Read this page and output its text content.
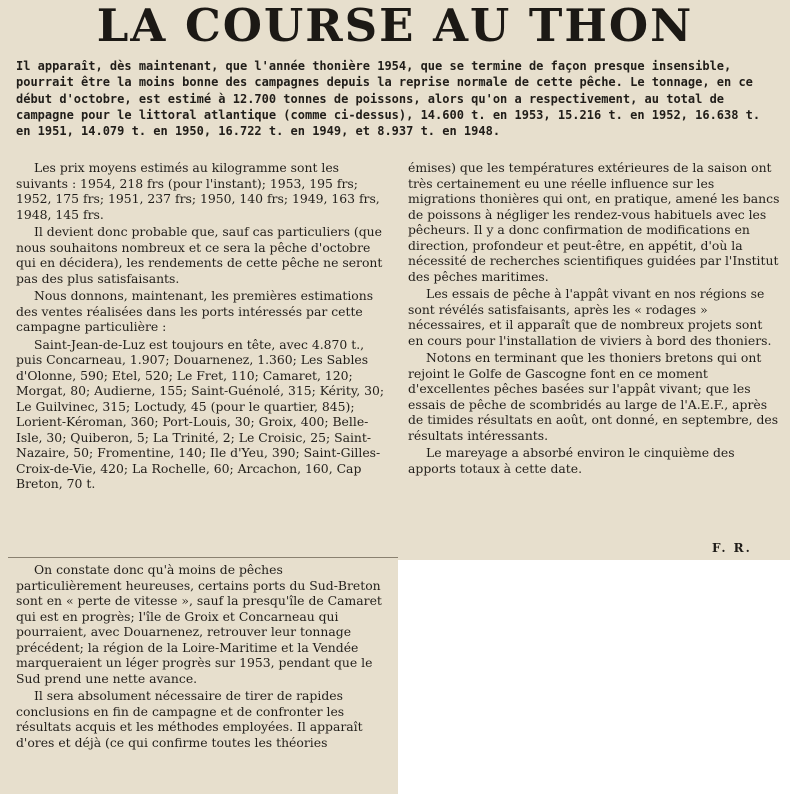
LA COURSE AU THON
Il apparaît, dès maintenant, que l'année thonière 1954, que se termine de façon presque insensible, pourrait être la moins bonne des campagnes depuis la reprise normale de cette pêche. Le tonnage, en ce début d'octobre, est estimé à 12.700 tonnes de poissons, alors qu'on a respectivement, au total de campagne pour le littoral atlantique (comme ci-dessus), 14.600 t. en 1953, 15.216 t. en 1952, 16.638 t. en 1951, 14.079 t. en 1950, 16.722 t. en 1949, et 8.937 t. en 1948.

Les prix moyens estimés au kilogramme sont les suivants : 1954, 218 frs (pour l'instant); 1953, 195 frs; 1952, 175 frs; 1951, 237 frs; 1950, 140 frs; 1949, 163 frs, 1948, 145 frs.

Il devient donc probable que, sauf cas particuliers (que nous souhaitons nombreux et ce sera la pêche d'octobre qui en décidera), les rendements de cette pêche ne seront pas des plus satisfaisants.

Nous donnons, maintenant, les premières estimations des ventes réalisées dans les ports intéressés par cette campagne particulière :

Saint-Jean-de-Luz est toujours en tête, avec 4.870 t., puis Concarneau, 1.907; Douarnenez, 1.360; Les Sables d'Olonne, 590; Etel, 520; Le Fret, 110; Camaret, 120; Morgat, 80; Audierne, 155; Saint-Guénolé, 315; Kérity, 30; Le Guilvinec, 315; Loctudy, 45 (pour le quartier, 845); Lorient-Kéroman, 360; Port-Louis, 30; Groix, 400; Belle-Isle, 30; Quiberon, 5; La Trinité, 2; Le Croisic, 25; Saint-Nazaire, 50; Fromentine, 140; Ile d'Yeu, 390; Saint-Gilles-Croix-de-Vie, 420; La Rochelle, 60; Arcachon, 160, Cap Breton, 70 t.

On constate donc qu'à moins de pêches particulièrement heureuses, certains ports du Sud-Breton sont en « perte de vitesse », sauf la presqu'île de Camaret qui est en progrès; l'île de Groix et Concarneau qui pourraient, avec Douarnenez, retrouver leur tonnage précédent; la région de la Loire-Maritime et la Vendée marqueraient un léger progrès sur 1953, pendant que le Sud prend une nette avance.

Il sera absolument nécessaire de tirer de rapides conclusions en fin de campagne et de confronter les résultats acquis et les méthodes employées. Il apparaît d'ores et déjà (ce qui confirme toutes les théories

émises) que les températures extérieures de la saison ont très certainement eu une réelle influence sur les migrations thonières qui ont, en pratique, amené les bancs de poissons à négliger les rendez-vous habituels avec les pêcheurs. Il y a donc confirmation de modifications en direction, profondeur et peut-être, en appétit, d'où la nécessité de recherches scientifiques guidées par l'Institut des pêches maritimes.

Les essais de pêche à l'appât vivant en nos régions se sont révélés satisfaisants, après les « rodages » nécessaires, et il apparaît que de nombreux projets sont en cours pour l'installation de viviers à bord des thoniers.

Notons en terminant que les thoniers bretons qui ont rejoint le Golfe de Gascogne font en ce moment d'excellentes pêches basées sur l'appât vivant; que les essais de pêche de scombridés au large de l'A.E.F., après de timides résultats en août, ont donné, en septembre, des résultats intéressants.

Le mareyage a absorbé environ le cinquième des apports totaux à cette date.

F. R.
